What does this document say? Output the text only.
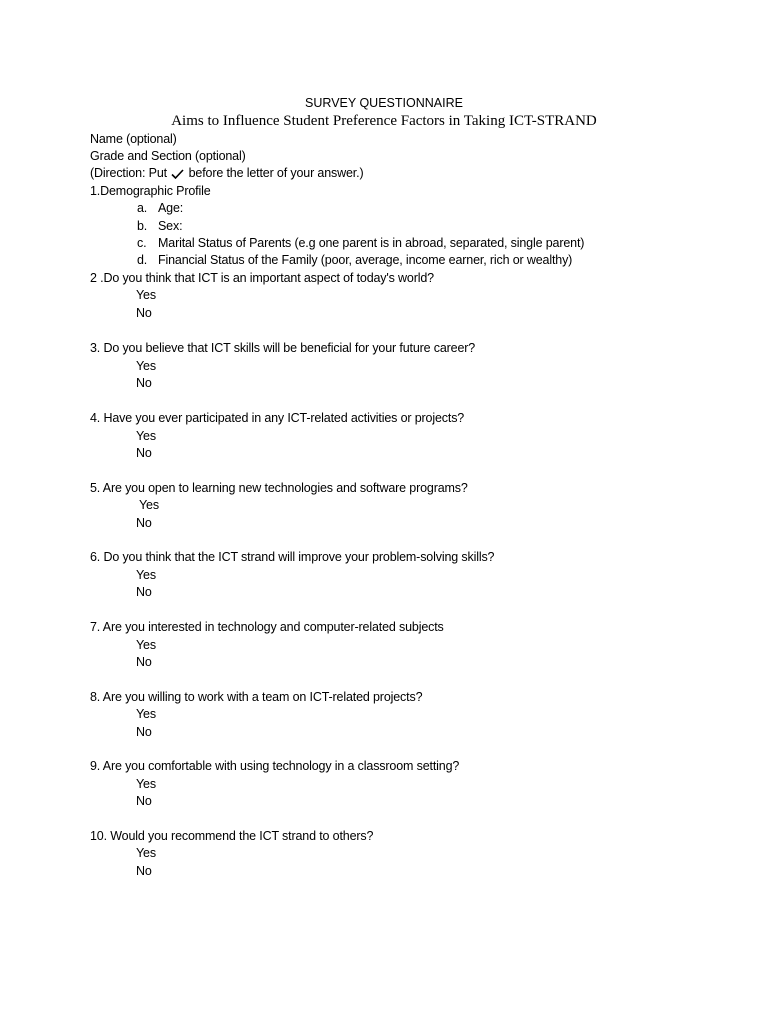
SURVEY QUESTIONNAIRE
Aims to Influence Student Preference Factors in Taking ICT-STRAND
Name (optional)
Grade and Section (optional)
(Direction: Put before the letter of your answer.)
1.Demographic Profile
a. Age:
b. Sex:
c. Marital Status of Parents (e.g one parent is in abroad, separated, single parent)
d. Financial Status of the Family (poor, average, income earner, rich or wealthy)
2 .Do you think that ICT is an important aspect of today's world?
Yes
No
3. Do you believe that ICT skills will be beneficial for your future career?
Yes
No
4. Have you ever participated in any ICT-related activities or projects?
Yes
No
5. Are you open to learning new technologies and software programs?
Yes
No
6. Do you think that the ICT strand will improve your problem-solving skills?
Yes
No
7. Are you interested in technology and computer-related subjects
Yes
No
8. Are you willing to work with a team on ICT-related projects?
Yes
No
9. Are you comfortable with using technology in a classroom setting?
Yes
No
10. Would you recommend the ICT strand to others?
Yes
No
